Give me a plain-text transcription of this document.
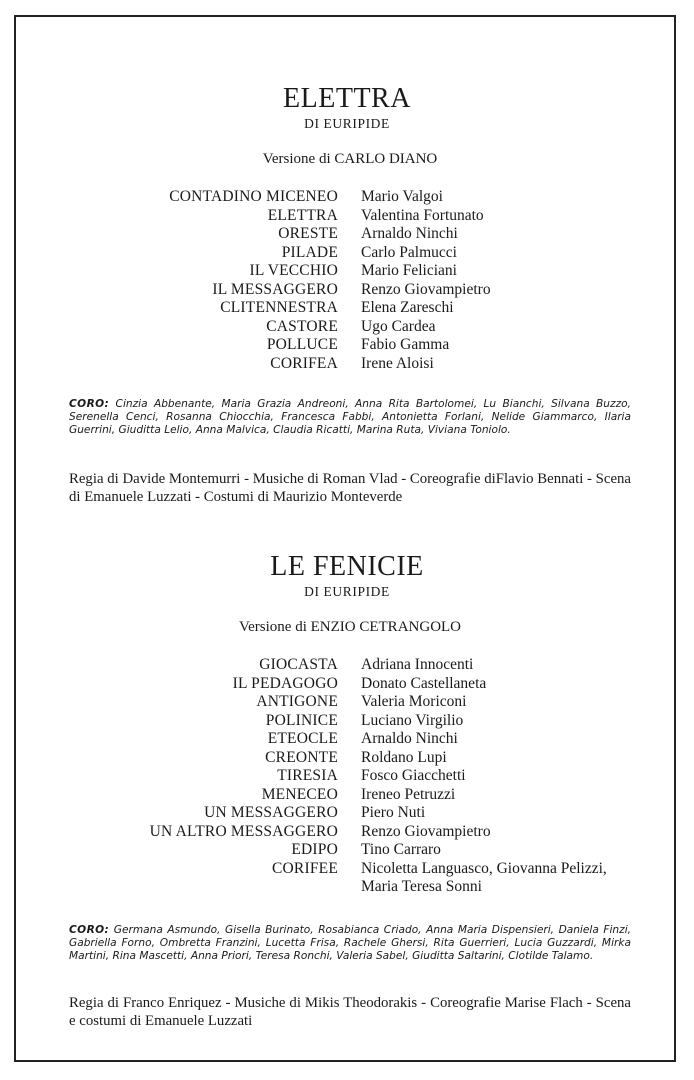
ELETTRA
DI EURIPIDE
Versione di CARLO DIANO
CONTADINO MICENEO Mario Valgoi
ELETTRA Valentina Fortunato
ORESTE Arnaldo Ninchi
PILADE Carlo Palmucci
IL VECCHIO Mario Feliciani
IL MESSAGGERO Renzo Giovampietro
CLITENNESTRA Elena Zareschi
CASTORE Ugo Cardea
POLLUCE Fabio Gamma
CORIFEA Irene Aloisi

CORO: Cinzia Abbenante, Maria Grazia Andreoni, Anna Rita Bartolomei, Lu Bianchi, Silvana Buzzo, Serenella Cenci, Rosanna Chiocchia, Francesca Fabbi, Antonietta Forlani, Nelide Giammarco, Ilaria Guerrini, Giuditta Lelio, Anna Malvica, Claudia Ricatti, Marina Ruta, Viviana Toniolo.

Regia di Davide Montemurri - Musiche di Roman Vlad - Coreografie diFlavio Bennati - Scena di Emanuele Luzzati - Costumi di Maurizio Monteverde

LE FENICIE
DI EURIPIDE
Versione di ENZIO CETRANGOLO
GIOCASTA Adriana Innocenti
IL PEDAGOGO Donato Castellaneta
ANTIGONE Valeria Moriconi
POLINICE Luciano Virgilio
ETEOCLE Arnaldo Ninchi
CREONTE Roldano Lupi
TIRESIA Fosco Giacchetti
MENECEO Ireneo Petruzzi
UN MESSAGGERO Piero Nuti
UN ALTRO MESSAGGERO Renzo Giovampietro
EDIPO Tino Carraro
CORIFEE Nicoletta Languasco, Giovanna Pelizzi, Maria Teresa Sonni

CORO: Germana Asmundo, Gisella Burinato, Rosabianca Criado, Anna Maria Dispensieri, Daniela Finzi, Gabriella Forno, Ombretta Franzini, Lucetta Frisa, Rachele Ghersi, Rita Guerrieri, Lucia Guzzardi, Mirka Martini, Rina Mascetti, Anna Priori, Teresa Ronchi, Valeria Sabel, Giuditta Saltarini, Clotilde Talamo.

Regia di Franco Enriquez - Musiche di Mikis Theodorakis - Coreografie Marise Flach - Scena e costumi di Emanuele Luzzati
